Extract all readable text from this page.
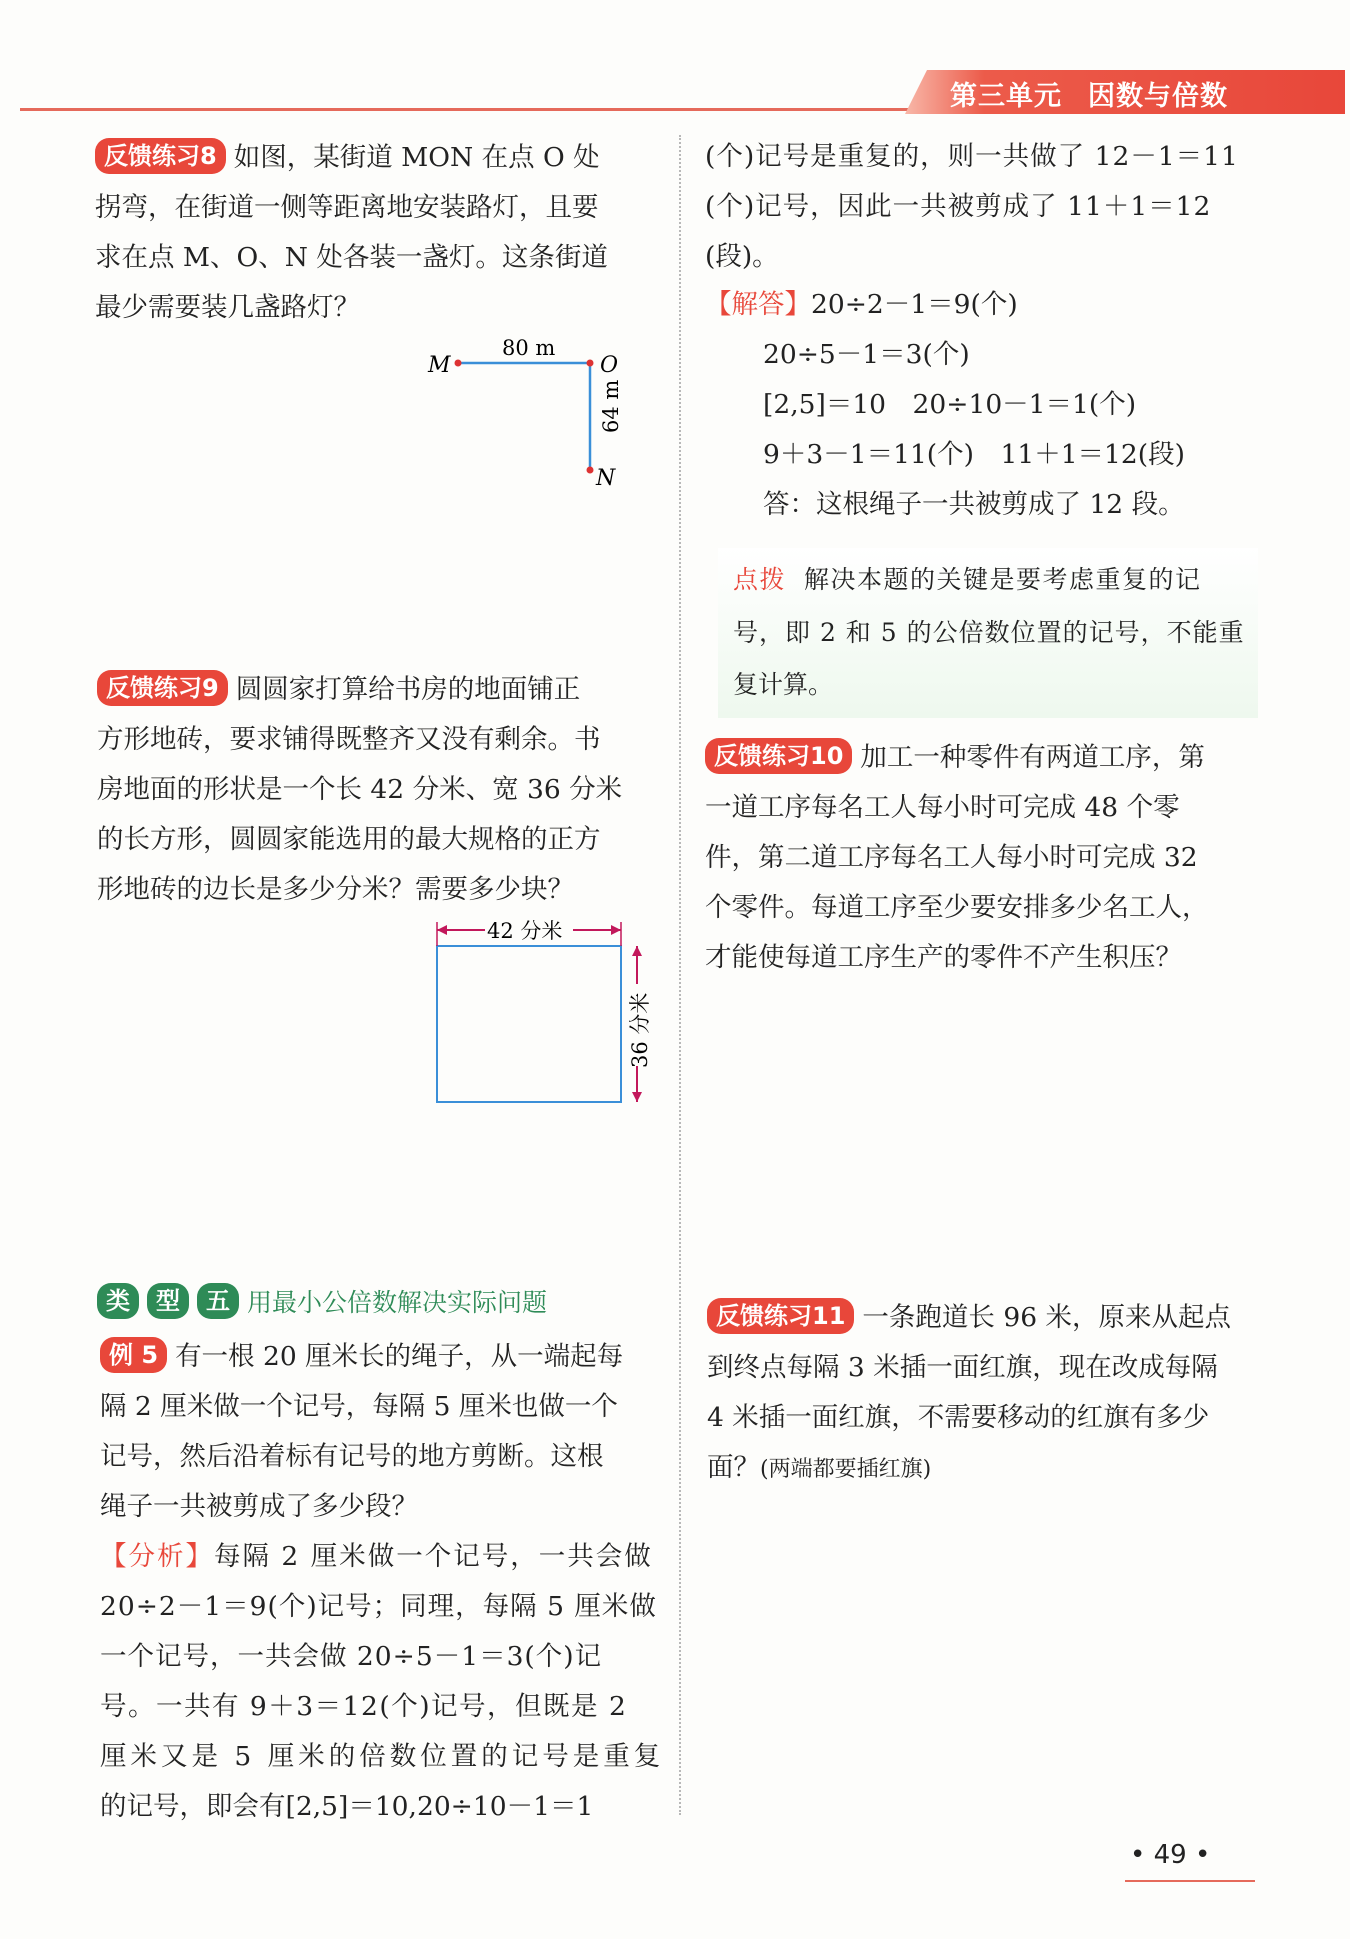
第三单元 因数与倍数
反馈练习8 如图，某街道 MON 在点 O 处
拐弯，在街道一侧等距离地安装路灯，且要
求在点 M、O、N 处各装一盏灯。这条街道
最少需要装几盏路灯？
M	O
N
80 m
64 m
反馈练习9 圆圆家打算给书房的地面铺正
方形地砖，要求铺得既整齐又没有剩余。书
房地面的形状是一个长 42 分米、宽 36 分米
的长方形，圆圆家能选用的最大规格的正方
形地砖的边长是多少分米？需要多少块？
42 分米
36 分米
类 型 五 用最小公倍数解决实际问题
例 5 有一根 20 厘米长的绳子，从一端起每
隔 2 厘米做一个记号，每隔 5 厘米也做一个
记号，然后沿着标有记号的地方剪断。这根
绳子一共被剪成了多少段？
【分析】每隔 2 厘米做一个记号，一共会做
20÷2－1＝9(个)记号；同理，每隔 5 厘米做
一个记号，一共会做 20÷5－1＝3(个)记
号。一共有 9＋3＝12(个)记号，但既是 2
厘米又是 5 厘米的倍数位置的记号是重复
的记号，即会有[2,5]＝10,20÷10－1＝1
(个)记号是重复的，则一共做了 12－1＝11
(个)记号，因此一共被剪成了 11＋1＝12
(段)。
【解答】20÷2－1＝9(个)
20÷5－1＝3(个)
[2,5]＝10　20÷10－1＝1(个)
9＋3－1＝11(个)　11＋1＝12(段)
答：这根绳子一共被剪成了 12 段。
点拨 解决本题的关键是要考虑重复的记
号，即 2 和 5 的公倍数位置的记号，不能重
复计算。
反馈练习10 加工一种零件有两道工序，第
一道工序每名工人每小时可完成 48 个零
件，第二道工序每名工人每小时可完成 32
个零件。每道工序至少要安排多少名工人，
才能使每道工序生产的零件不产生积压？
反馈练习11 一条跑道长 96 米，原来从起点
到终点每隔 3 米插一面红旗，现在改成每隔
4 米插一面红旗，不需要移动的红旗有多少
面？(两端都要插红旗)
• 49 •
